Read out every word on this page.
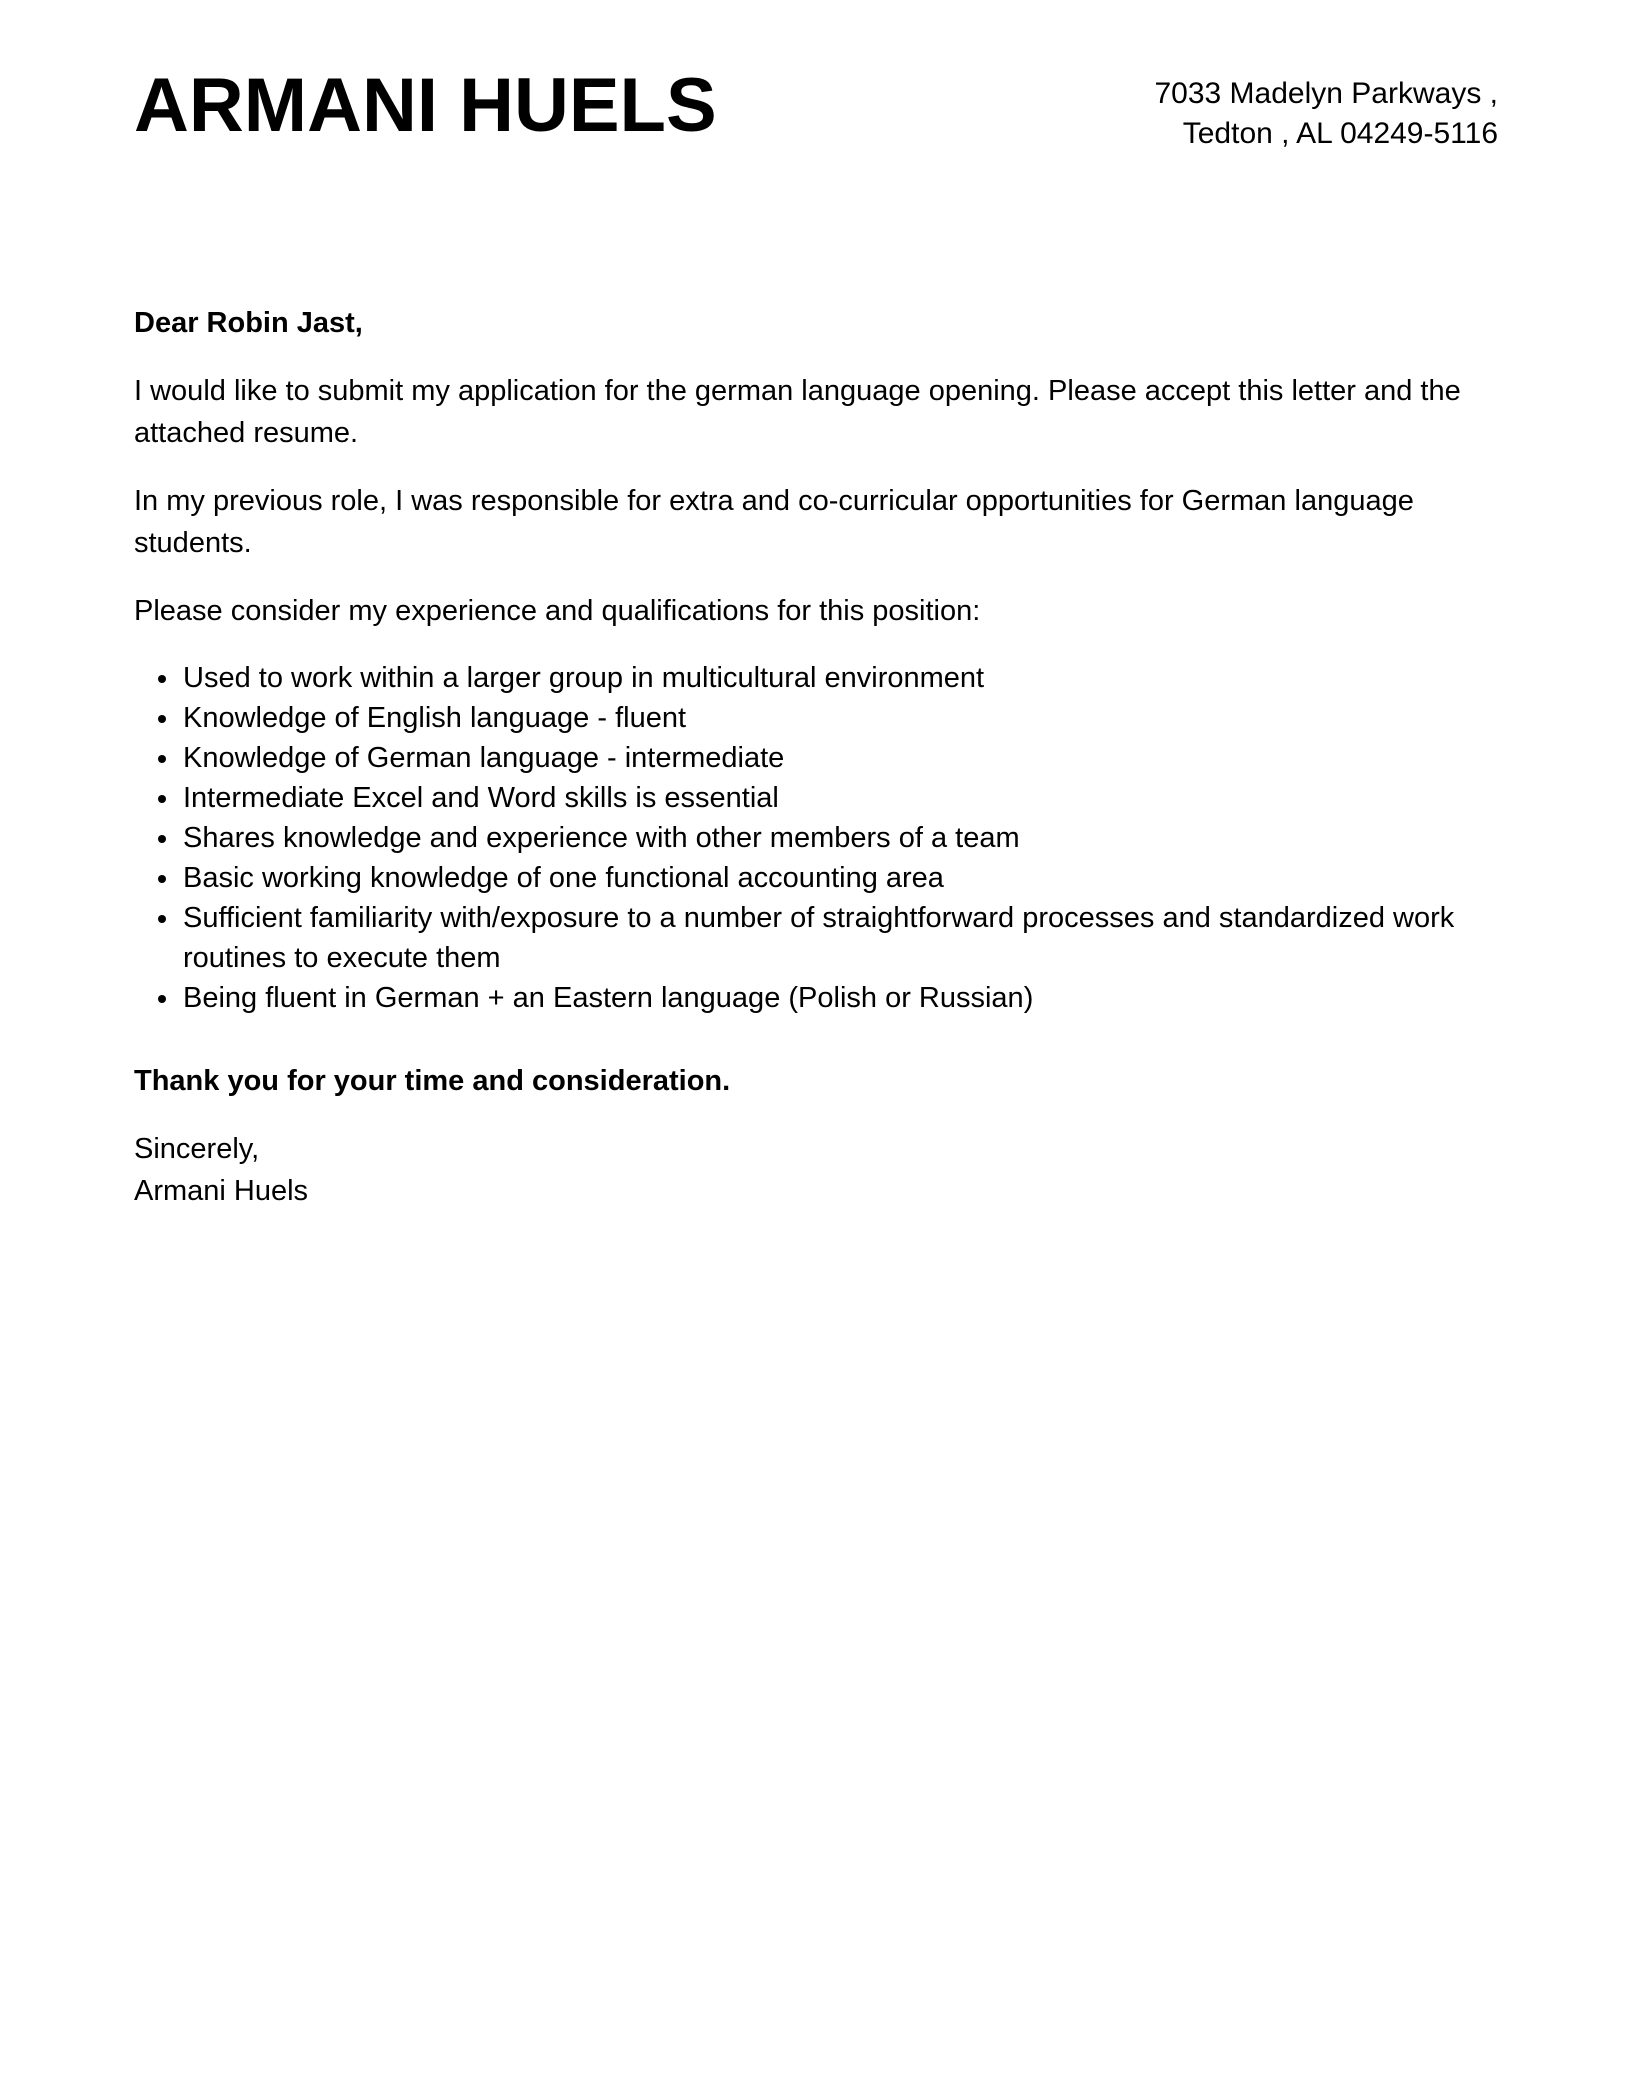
ARMANI HUELS	7033 Madelyn Parkways ,
Tedton , AL 04249-5116

Dear Robin Jast,

I would like to submit my application for the german language opening. Please accept this letter and the attached resume.

In my previous role, I was responsible for extra and co-curricular opportunities for German language students.

Please consider my experience and qualifications for this position:

• Used to work within a larger group in multicultural environment
• Knowledge of English language - fluent
• Knowledge of German language - intermediate
• Intermediate Excel and Word skills is essential
• Shares knowledge and experience with other members of a team
• Basic working knowledge of one functional accounting area
• Sufficient familiarity with/exposure to a number of straightforward processes and standardized work routines to execute them
• Being fluent in German + an Eastern language (Polish or Russian)

Thank you for your time and consideration.

Sincerely,
Armani Huels
